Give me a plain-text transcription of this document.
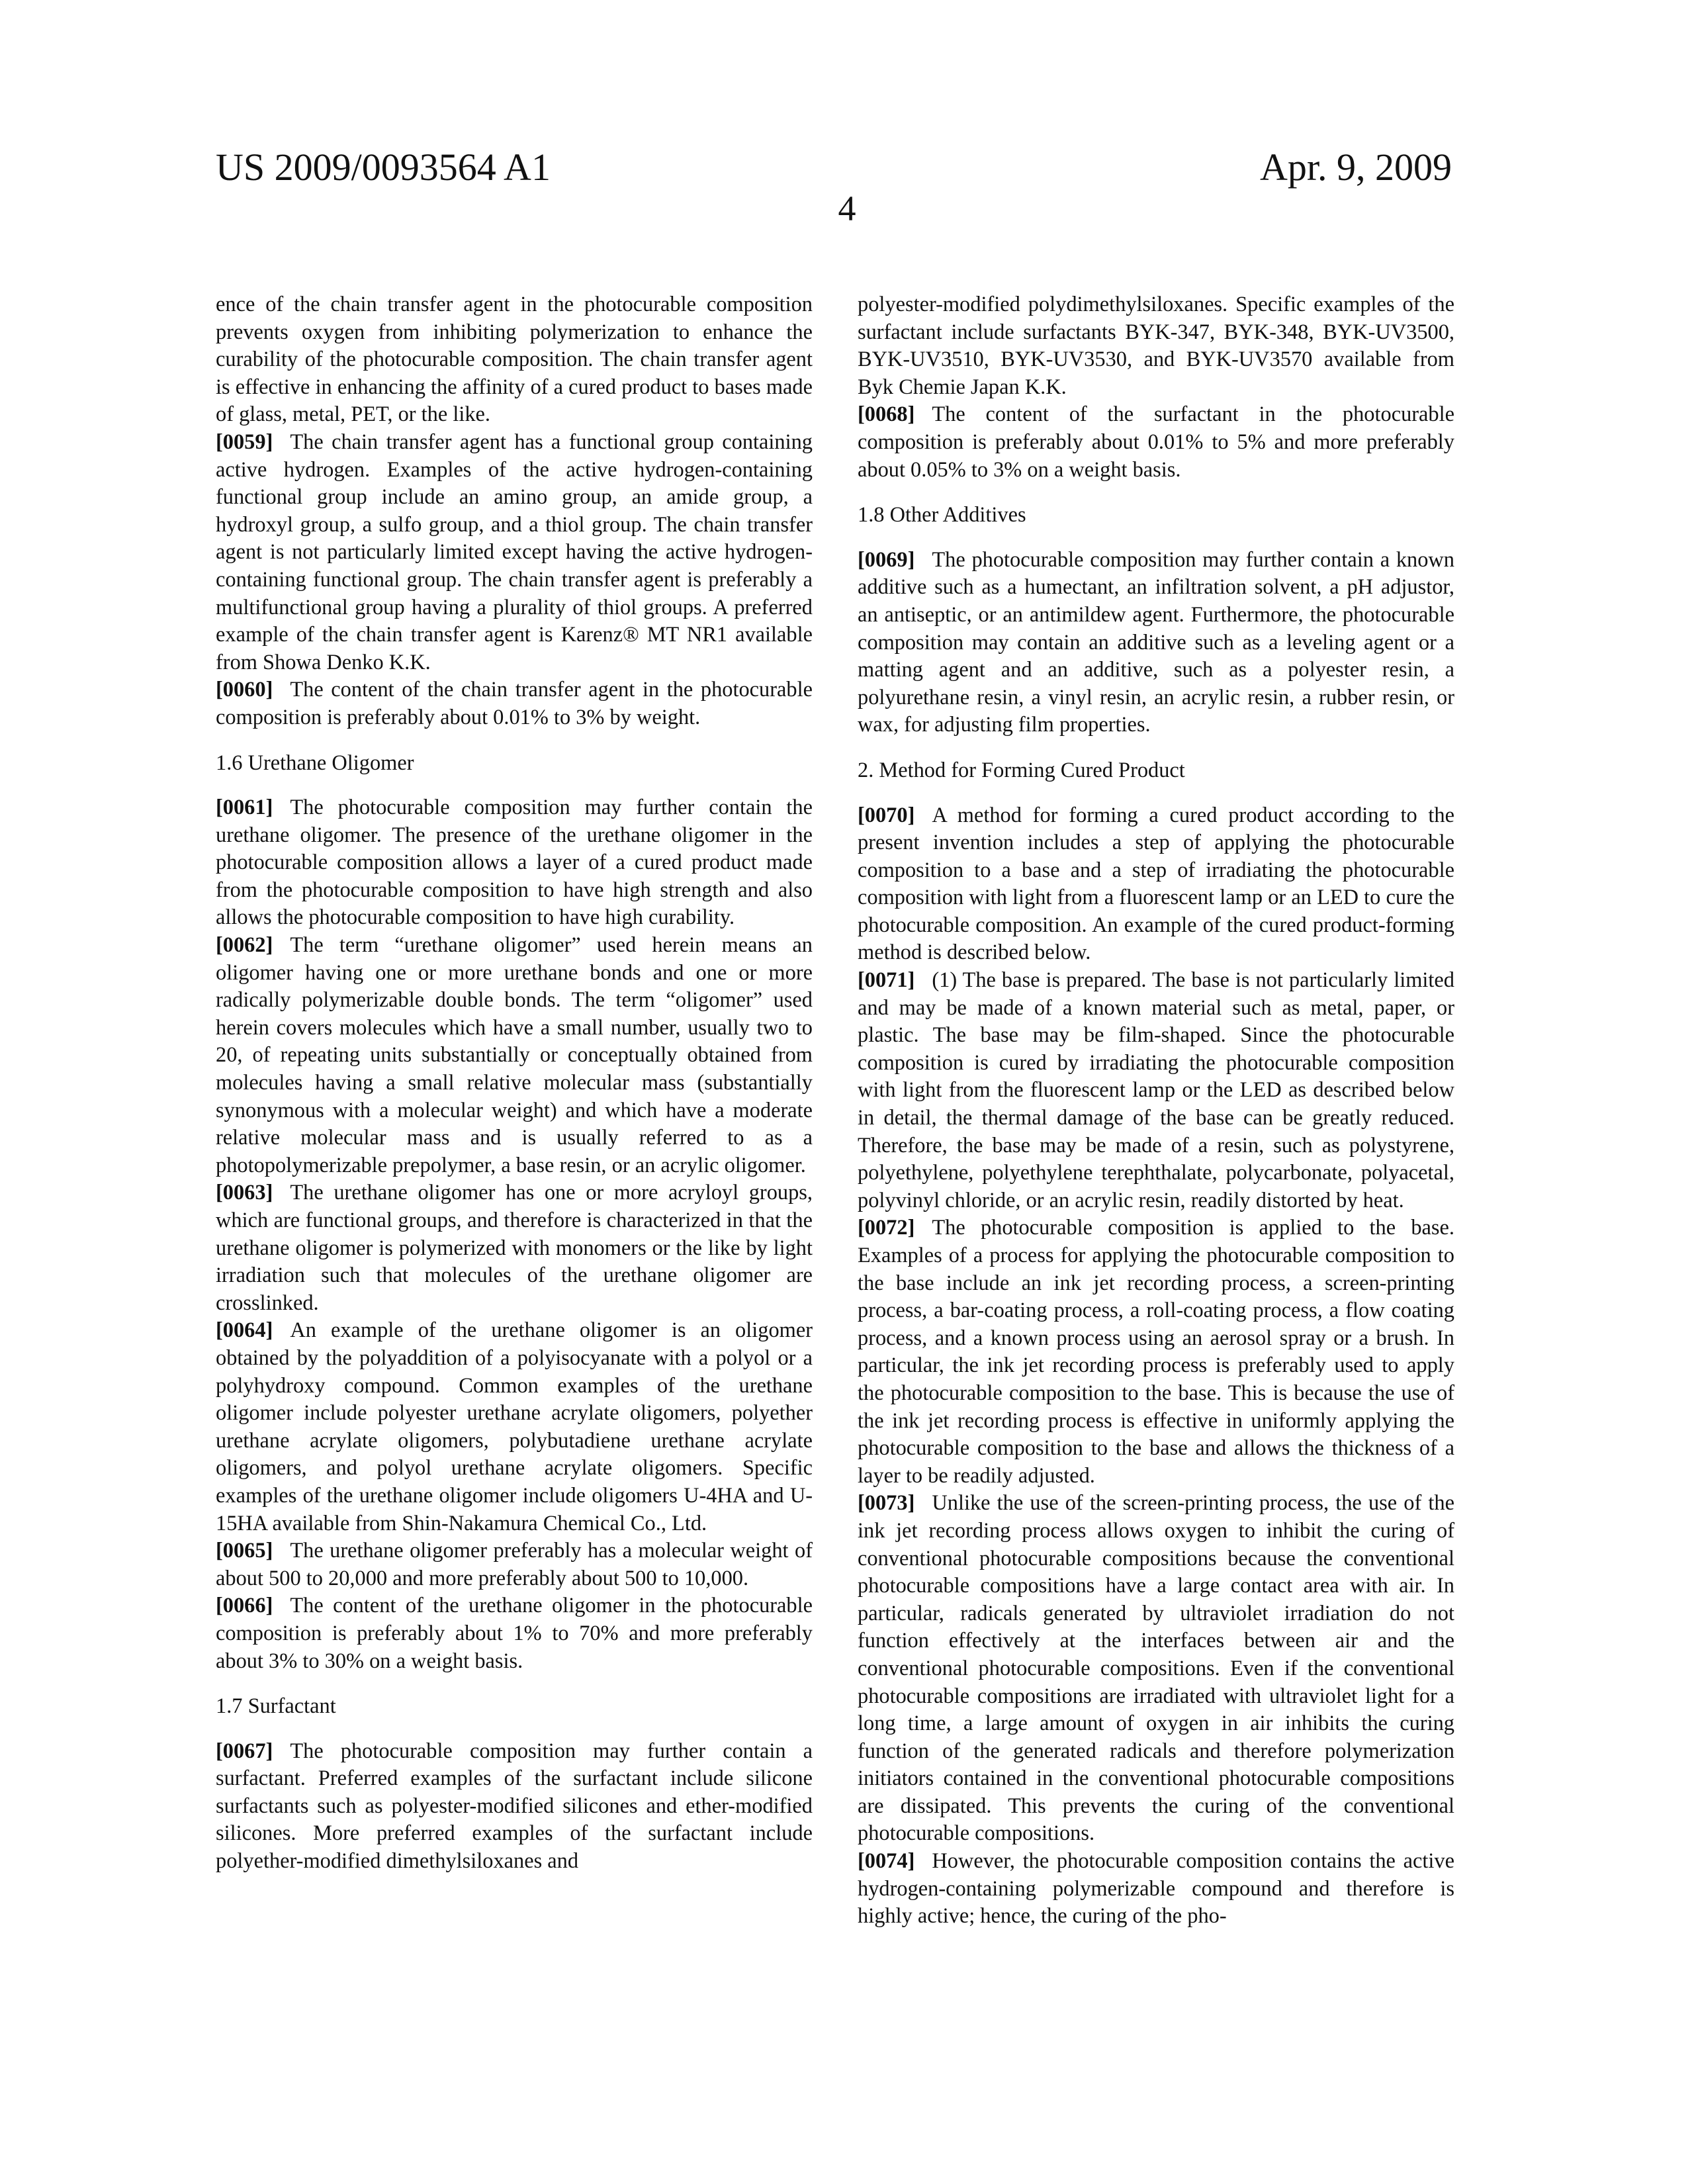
US 2009/0093564 A1	Apr. 9, 2009
4

ence of the chain transfer agent in the photocurable composition prevents oxygen from inhibiting polymerization to enhance the curability of the photocurable composition. The chain transfer agent is effective in enhancing the affinity of a cured product to bases made of glass, metal, PET, or the like.

[0059] The chain transfer agent has a functional group containing active hydrogen. Examples of the active hydrogen-containing functional group include an amino group, an amide group, a hydroxyl group, a sulfo group, and a thiol group. The chain transfer agent is not particularly limited except having the active hydrogen-containing functional group. The chain transfer agent is preferably a multifunctional group having a plurality of thiol groups. A preferred example of the chain transfer agent is Karenz® MT NR1 available from Showa Denko K.K.

[0060] The content of the chain transfer agent in the photocurable composition is preferably about 0.01% to 3% by weight.

1.6 Urethane Oligomer

[0061] The photocurable composition may further contain the urethane oligomer. The presence of the urethane oligomer in the photocurable composition allows a layer of a cured product made from the photocurable composition to have high strength and also allows the photocurable composition to have high curability.

[0062] The term “urethane oligomer” used herein means an oligomer having one or more urethane bonds and one or more radically polymerizable double bonds. The term “oligomer” used herein covers molecules which have a small number, usually two to 20, of repeating units substantially or conceptually obtained from molecules having a small relative molecular mass (substantially synonymous with a molecular weight) and which have a moderate relative molecular mass and is usually referred to as a photopolymerizable prepolymer, a base resin, or an acrylic oligomer.

[0063] The urethane oligomer has one or more acryloyl groups, which are functional groups, and therefore is characterized in that the urethane oligomer is polymerized with monomers or the like by light irradiation such that molecules of the urethane oligomer are crosslinked.

[0064] An example of the urethane oligomer is an oligomer obtained by the polyaddition of a polyisocyanate with a polyol or a polyhydroxy compound. Common examples of the urethane oligomer include polyester urethane acrylate oligomers, polyether urethane acrylate oligomers, polybutadiene urethane acrylate oligomers, and polyol urethane acrylate oligomers. Specific examples of the urethane oligomer include oligomers U-4HA and U-15HA available from Shin-Nakamura Chemical Co., Ltd.

[0065] The urethane oligomer preferably has a molecular weight of about 500 to 20,000 and more preferably about 500 to 10,000.

[0066] The content of the urethane oligomer in the photocurable composition is preferably about 1% to 70% and more preferably about 3% to 30% on a weight basis.

1.7 Surfactant

[0067] The photocurable composition may further contain a surfactant. Preferred examples of the surfactant include silicone surfactants such as polyester-modified silicones and ether-modified silicones. More preferred examples of the surfactant include polyether-modified dimethylsiloxanes and

polyester-modified polydimethylsiloxanes. Specific examples of the surfactant include surfactants BYK-347, BYK-348, BYK-UV3500, BYK-UV3510, BYK-UV3530, and BYK-UV3570 available from Byk Chemie Japan K.K.

[0068] The content of the surfactant in the photocurable composition is preferably about 0.01% to 5% and more preferably about 0.05% to 3% on a weight basis.

1.8 Other Additives

[0069] The photocurable composition may further contain a known additive such as a humectant, an infiltration solvent, a pH adjustor, an antiseptic, or an antimildew agent. Furthermore, the photocurable composition may contain an additive such as a leveling agent or a matting agent and an additive, such as a polyester resin, a polyurethane resin, a vinyl resin, an acrylic resin, a rubber resin, or wax, for adjusting film properties.

2. Method for Forming Cured Product

[0070] A method for forming a cured product according to the present invention includes a step of applying the photocurable composition to a base and a step of irradiating the photocurable composition with light from a fluorescent lamp or an LED to cure the photocurable composition. An example of the cured product-forming method is described below.

[0071] (1) The base is prepared. The base is not particularly limited and may be made of a known material such as metal, paper, or plastic. The base may be film-shaped. Since the photocurable composition is cured by irradiating the photocurable composition with light from the fluorescent lamp or the LED as described below in detail, the thermal damage of the base can be greatly reduced. Therefore, the base may be made of a resin, such as polystyrene, polyethylene, polyethylene terephthalate, polycarbonate, polyacetal, polyvinyl chloride, or an acrylic resin, readily distorted by heat.

[0072] The photocurable composition is applied to the base. Examples of a process for applying the photocurable composition to the base include an ink jet recording process, a screen-printing process, a bar-coating process, a roll-coating process, a flow coating process, and a known process using an aerosol spray or a brush. In particular, the ink jet recording process is preferably used to apply the photocurable composition to the base. This is because the use of the ink jet recording process is effective in uniformly applying the photocurable composition to the base and allows the thickness of a layer to be readily adjusted.

[0073] Unlike the use of the screen-printing process, the use of the ink jet recording process allows oxygen to inhibit the curing of conventional photocurable compositions because the conventional photocurable compositions have a large contact area with air. In particular, radicals generated by ultraviolet irradiation do not function effectively at the interfaces between air and the conventional photocurable compositions. Even if the conventional photocurable compositions are irradiated with ultraviolet light for a long time, a large amount of oxygen in air inhibits the curing function of the generated radicals and therefore polymerization initiators contained in the conventional photocurable compositions are dissipated. This prevents the curing of the conventional photocurable compositions.

[0074] However, the photocurable composition contains the active hydrogen-containing polymerizable compound and therefore is highly active; hence, the curing of the pho-
